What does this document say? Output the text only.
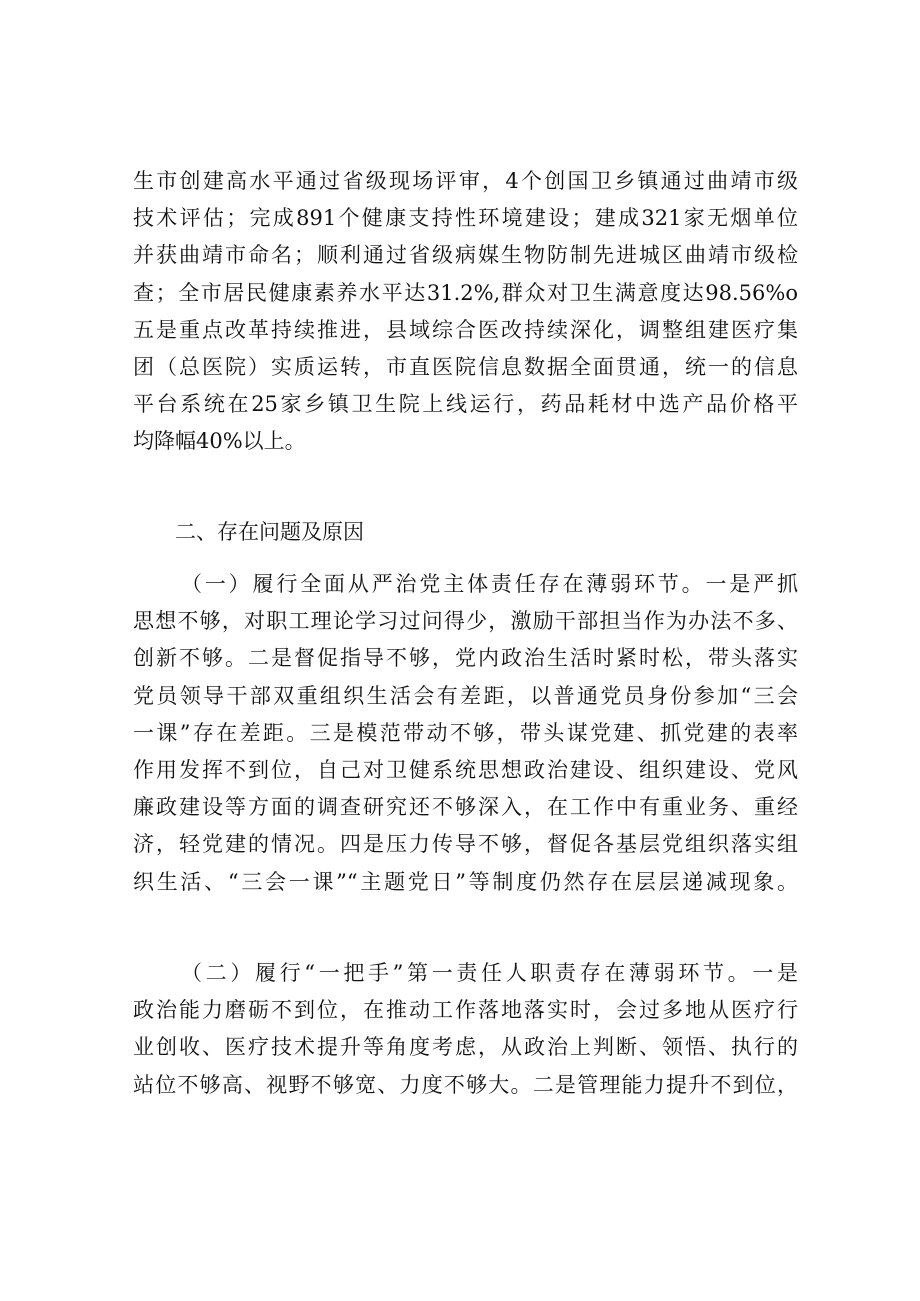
生市创建高水平通过省级现场评审，4个创国卫乡镇通过曲靖市级
技术评估；完成891个健康支持性环境建设；建成321家无烟单位
并获曲靖市命名；顺利通过省级病媒生物防制先进城区曲靖市级检
查；全市居民健康素养水平达31.2%,群众对卫生满意度达98.56%o
五是重点改革持续推进，县域综合医改持续深化，调整组建医疗集
团（总医院）实质运转，市直医院信息数据全面贯通，统一的信息
平台系统在25家乡镇卫生院上线运行，药品耗材中选产品价格平
均降幅40%以上。
二、存在问题及原因
（一）履行全面从严治党主体责任存在薄弱环节。一是严抓
思想不够，对职工理论学习过问得少，激励干部担当作为办法不多、
创新不够。二是督促指导不够，党内政治生活时紧时松，带头落实
党员领导干部双重组织生活会有差距，以普通党员身份参加“三会
一课”存在差距。三是模范带动不够，带头谋党建、抓党建的表率
作用发挥不到位，自己对卫健系统思想政治建设、组织建设、党风
廉政建设等方面的调查研究还不够深入，在工作中有重业务、重经
济，轻党建的情况。四是压力传导不够，督促各基层党组织落实组
织生活、“三会一课”“主题党日”等制度仍然存在层层递减现象。
（二）履行“一把手”第一责任人职责存在薄弱环节。一是
政治能力磨砺不到位，在推动工作落地落实时，会过多地从医疗行
业创收、医疗技术提升等角度考虑，从政治上判断、领悟、执行的
站位不够高、视野不够宽、力度不够大。二是管理能力提升不到位，
